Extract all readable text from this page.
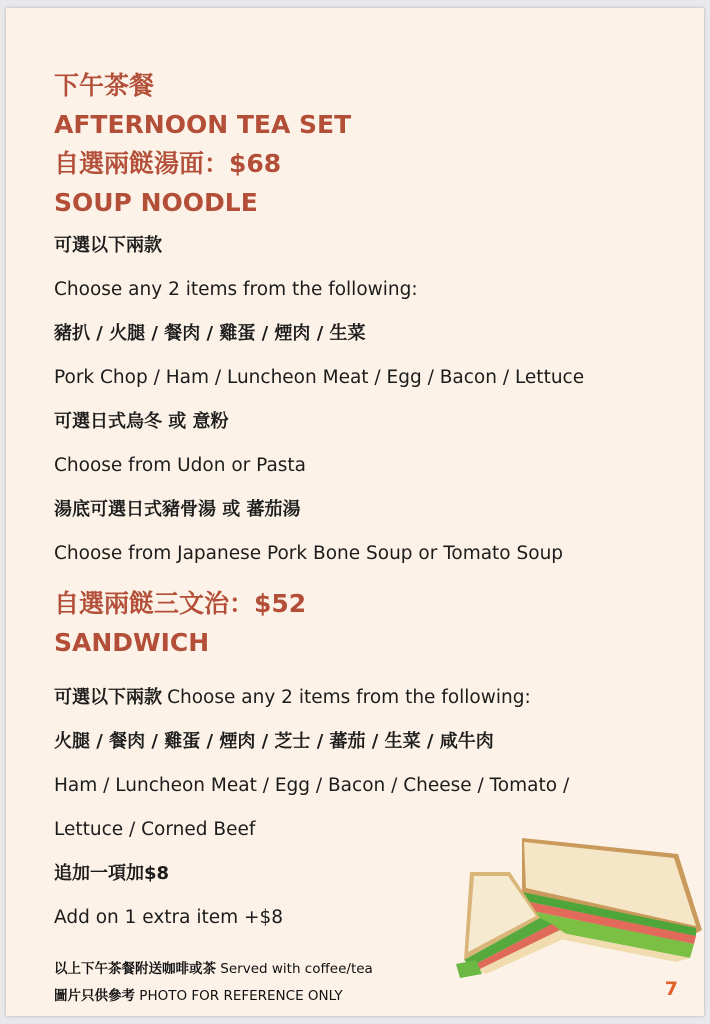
下午茶餐
AFTERNOON TEA SET
自選兩餸湯面：$68
SOUP NOODLE
可選以下兩款
Choose any 2 items from the following:
豬扒 / 火腿 / 餐肉 / 雞蛋 / 煙肉 / 生菜
Pork Chop / Ham / Luncheon Meat / Egg / Bacon / Lettuce
可選日式烏冬 或 意粉
Choose from Udon or Pasta
湯底可選日式豬骨湯 或 蕃茄湯
Choose from Japanese Pork Bone Soup or Tomato Soup
自選兩餸三文治：$52
SANDWICH
可選以下兩款 Choose any 2 items from the following:
火腿 / 餐肉 / 雞蛋 / 煙肉 / 芝士 / 蕃茄 / 生菜 / 咸牛肉
Ham / Luncheon Meat / Egg / Bacon / Cheese / Tomato /
Lettuce / Corned Beef
追加一項加$8
Add on 1 extra item +$8
以上下午茶餐附送咖啡或茶 Served with coffee/tea
圖片只供參考 PHOTO FOR REFERENCE ONLY	7
